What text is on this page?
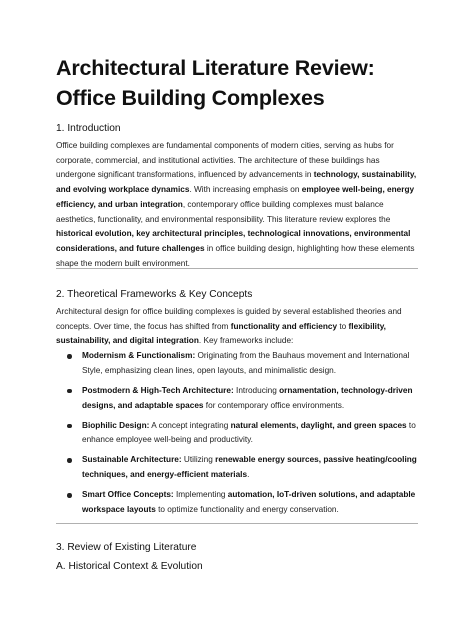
Architectural Literature Review: Office Building Complexes
1. Introduction
Office building complexes are fundamental components of modern cities, serving as hubs for corporate, commercial, and institutional activities. The architecture of these buildings has undergone significant transformations, influenced by advancements in technology, sustainability, and evolving workplace dynamics. With increasing emphasis on employee well-being, energy efficiency, and urban integration, contemporary office building complexes must balance aesthetics, functionality, and environmental responsibility. This literature review explores the historical evolution, key architectural principles, technological innovations, environmental considerations, and future challenges in office building design, highlighting how these elements shape the modern built environment.
2. Theoretical Frameworks & Key Concepts
Architectural design for office building complexes is guided by several established theories and concepts. Over time, the focus has shifted from functionality and efficiency to flexibility, sustainability, and digital integration. Key frameworks include:
Modernism & Functionalism: Originating from the Bauhaus movement and International Style, emphasizing clean lines, open layouts, and minimalistic design.
Postmodern & High-Tech Architecture: Introducing ornamentation, technology-driven designs, and adaptable spaces for contemporary office environments.
Biophilic Design: A concept integrating natural elements, daylight, and green spaces to enhance employee well-being and productivity.
Sustainable Architecture: Utilizing renewable energy sources, passive heating/cooling techniques, and energy-efficient materials.
Smart Office Concepts: Implementing automation, IoT-driven solutions, and adaptable workspace layouts to optimize functionality and energy conservation.
3. Review of Existing Literature
A. Historical Context & Evolution
